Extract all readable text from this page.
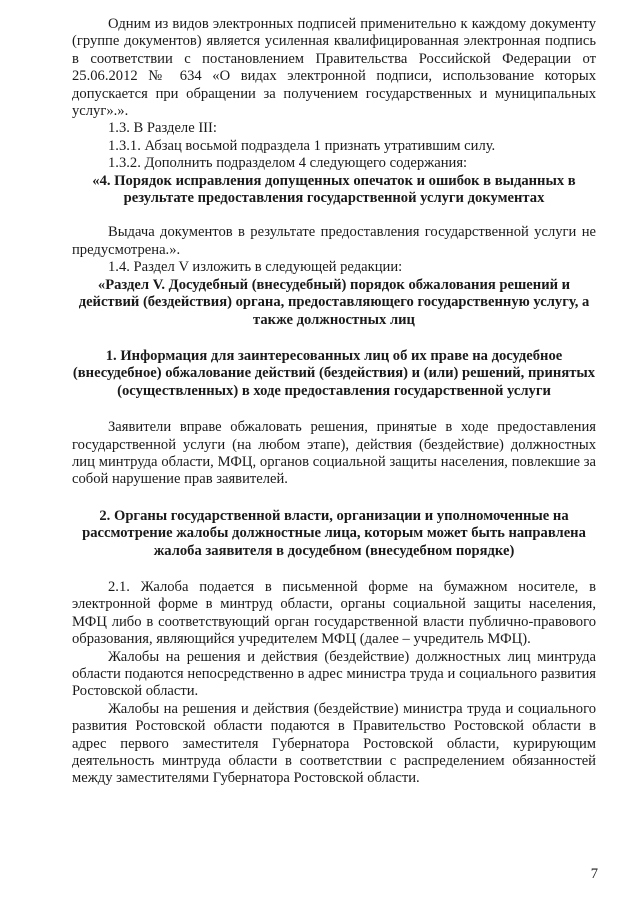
Одним из видов электронных подписей применительно к каждому документу (группе документов) является усиленная квалифицированная электронная подпись в соответствии с постановлением Правительства Российской Федерации от 25.06.2012 № 634 «О видах электронной подписи, использование которых допускается при обращении за получением государственных и муниципальных услуг».».

1.3. В Разделе III:

1.3.1. Абзац восьмой подраздела 1 признать утратившим силу.

1.3.2. Дополнить подразделом 4 следующего содержания:

«4. Порядок исправления допущенных опечаток и ошибок в выданных в результате предоставления государственной услуги документах

Выдача документов в результате предоставления государственной услуги не предусмотрена.».

1.4. Раздел V изложить в следующей редакции:

«Раздел V. Досудебный (внесудебный) порядок обжалования решений и действий (бездействия) органа, предоставляющего государственную услугу, а также должностных лиц

1. Информация для заинтересованных лиц об их праве на досудебное (внесудебное) обжалование действий (бездействия) и (или) решений, принятых (осуществленных) в ходе предоставления государственной услуги

Заявители вправе обжаловать решения, принятые в ходе предоставления государственной услуги (на любом этапе), действия (бездействие) должностных лиц минтруда области, МФЦ, органов социальной защиты населения, повлекшие за собой нарушение прав заявителей.

2. Органы государственной власти, организации и уполномоченные на рассмотрение жалобы должностные лица, которым может быть направлена жалоба заявителя в досудебном (внесудебном порядке)

2.1. Жалоба подается в письменной форме на бумажном носителе, в электронной форме в минтруд области, органы социальной защиты населения, МФЦ либо в соответствующий орган государственной власти публично-правового образования, являющийся учредителем МФЦ (далее – учредитель МФЦ).

Жалобы на решения и действия (бездействие) должностных лиц минтруда области подаются непосредственно в адрес министра труда и социального развития Ростовской области.

Жалобы на решения и действия (бездействие) министра труда и социального развития Ростовской области подаются в Правительство Ростовской области в адрес первого заместителя Губернатора Ростовской области, курирующим деятельность минтруда области в соответствии с распределением обязанностей между заместителями Губернатора Ростовской области.

7
